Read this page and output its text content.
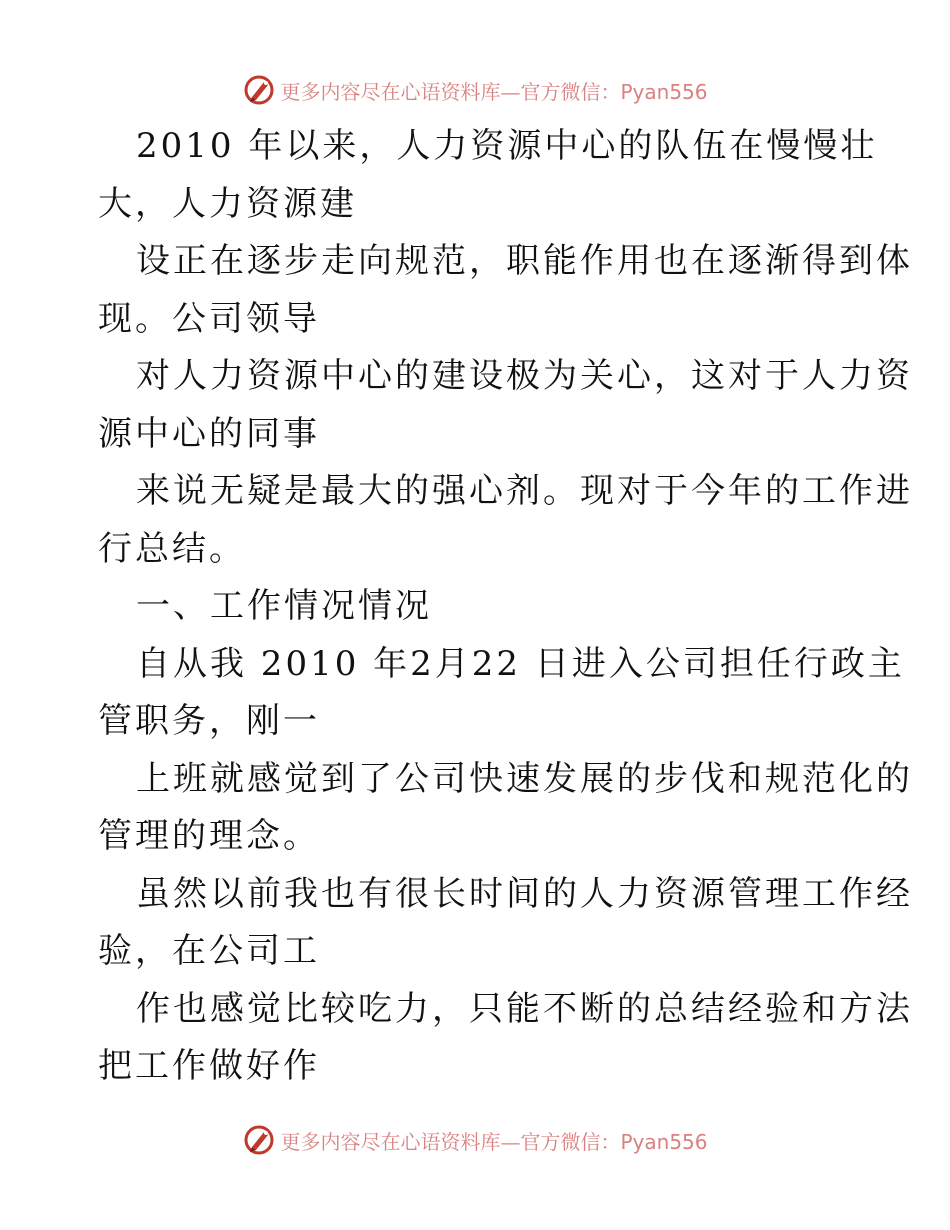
更多内容尽在心语资料库—官方微信：Pyan556

2010 年以来，人力资源中心的队伍在慢慢壮
大，人力资源建

设正在逐步走向规范，职能作用也在逐渐得到体
现。公司领导

对人力资源中心的建设极为关心，这对于人力资
源中心的同事

来说无疑是最大的强心剂。现对于今年的工作进
行总结。

一、工作情况情况

自从我 2010 年2月22 日进入公司担任行政主
管职务，刚一

上班就感觉到了公司快速发展的步伐和规范化的
管理的理念。

虽然以前我也有很长时间的人力资源管理工作经
验，在公司工

作也感觉比较吃力，只能不断的总结经验和方法
把工作做好作

更多内容尽在心语资料库—官方微信：Pyan556
